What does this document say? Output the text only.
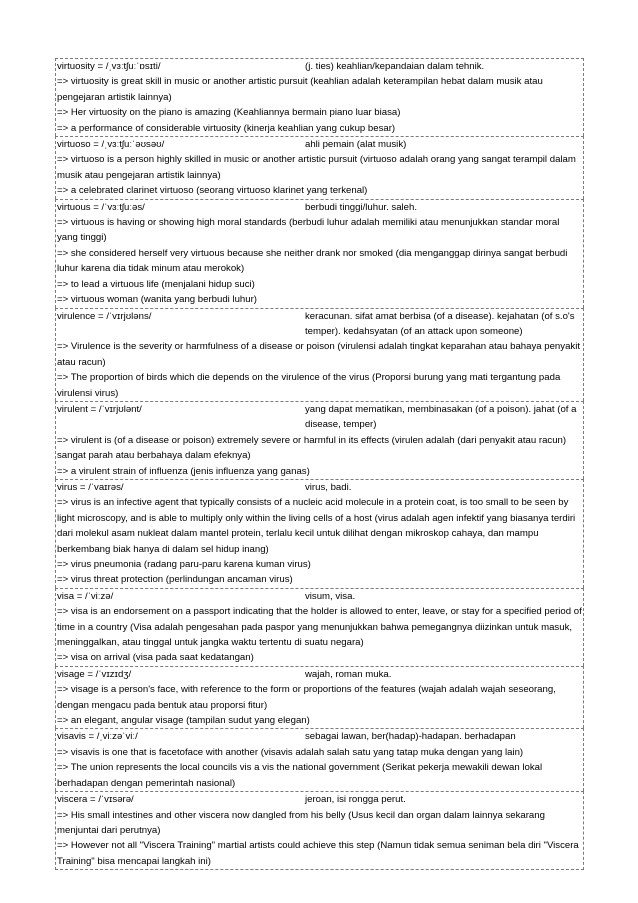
virtuosity = /ˌvɜːtʃuːˈɒsɪti/	(j. ties) keahlian/kepandaian dalam tehnik.
=> virtuosity is great skill in music or another artistic pursuit (keahlian adalah keterampilan hebat dalam musik atau pengejaran artistik lainnya)
=> Her virtuosity on the piano is amazing (Keahliannya bermain piano luar biasa)
=> a performance of considerable virtuosity (kinerja keahlian yang cukup besar)
virtuoso = /ˌvɜːtʃuːˈəʊsəʊ/	ahli pemain (alat musik)
=> virtuoso is a person highly skilled in music or another artistic pursuit (virtuoso adalah orang yang sangat terampil dalam musik atau pengejaran artistik lainnya)
=> a celebrated clarinet virtuoso (seorang virtuoso klarinet yang terkenal)
virtuous = /ˈvɜːtʃuːəs/	berbudi tinggi/luhur. saleh.
=> virtuous is having or showing high moral standards (berbudi luhur adalah memiliki atau menunjukkan standar moral yang tinggi)
=> she considered herself very virtuous because she neither drank nor smoked (dia menganggap dirinya sangat berbudi luhur karena dia tidak minum atau merokok)
=> to lead a virtuous life (menjalani hidup suci)
=> virtuous woman (wanita yang berbudi luhur)
virulence = /ˈvɪrjʊləns/	keracunan. sifat amat berbisa (of a disease). kejahatan (of s.o's temper). kedahsyatan (of an attack upon someone)
=> Virulence is the severity or harmfulness of a disease or poison (virulensi adalah tingkat keparahan atau bahaya penyakit atau racun)
=> The proportion of birds which die depends on the virulence of the virus (Proporsi burung yang mati tergantung pada virulensi virus)
virulent = /ˈvɪrjʊlənt/	yang dapat mematikan, membinasakan (of a poison). jahat (of a disease, temper)
=> virulent is (of a disease or poison) extremely severe or harmful in its effects (virulen adalah (dari penyakit atau racun) sangat parah atau berbahaya dalam efeknya)
=> a virulent strain of influenza (jenis influenza yang ganas)
virus = /ˈvaɪrəs/	virus, badi.
=> virus is an infective agent that typically consists of a nucleic acid molecule in a protein coat, is too small to be seen by light microscopy, and is able to multiply only within the living cells of a host (virus adalah agen infektif yang biasanya terdiri dari molekul asam nukleat dalam mantel protein, terlalu kecil untuk dilihat dengan mikroskop cahaya, dan mampu berkembang biak hanya di dalam sel hidup inang)
=> virus pneumonia (radang paru-paru karena kuman virus)
=> virus threat protection (perlindungan ancaman virus)
visa = /ˈviːzə/	visum, visa.
=> visa is an endorsement on a passport indicating that the holder is allowed to enter, leave, or stay for a specified period of time in a country (Visa adalah pengesahan pada paspor yang menunjukkan bahwa pemegangnya diizinkan untuk masuk, meninggalkan, atau tinggal untuk jangka waktu tertentu di suatu negara)
=> visa on arrival (visa pada saat kedatangan)
visage = /ˈvɪzɪdʒ/	wajah, roman muka.
=> visage is a person's face, with reference to the form or proportions of the features (wajah adalah wajah seseorang, dengan mengacu pada bentuk atau proporsi fitur)
=> an elegant, angular visage (tampilan sudut yang elegan)
visavis = /ˌviːzəˈviː/	sebagai lawan, ber(hadap)-hadapan. berhadapan
=> visavis is one that is facetoface with another (visavis adalah salah satu yang tatap muka dengan yang lain)
=> The union represents the local councils vis a vis the national government (Serikat pekerja mewakili dewan lokal berhadapan dengan pemerintah nasional)
viscera = /ˈvɪsərə/	jeroan, isi rongga perut.
=> His small intestines and other viscera now dangled from his belly (Usus kecil dan organ dalam lainnya sekarang menjuntai dari perutnya)
=> However not all "Viscera Training" martial artists could achieve this step (Namun tidak semua seniman bela diri "Viscera Training" bisa mencapai langkah ini)
